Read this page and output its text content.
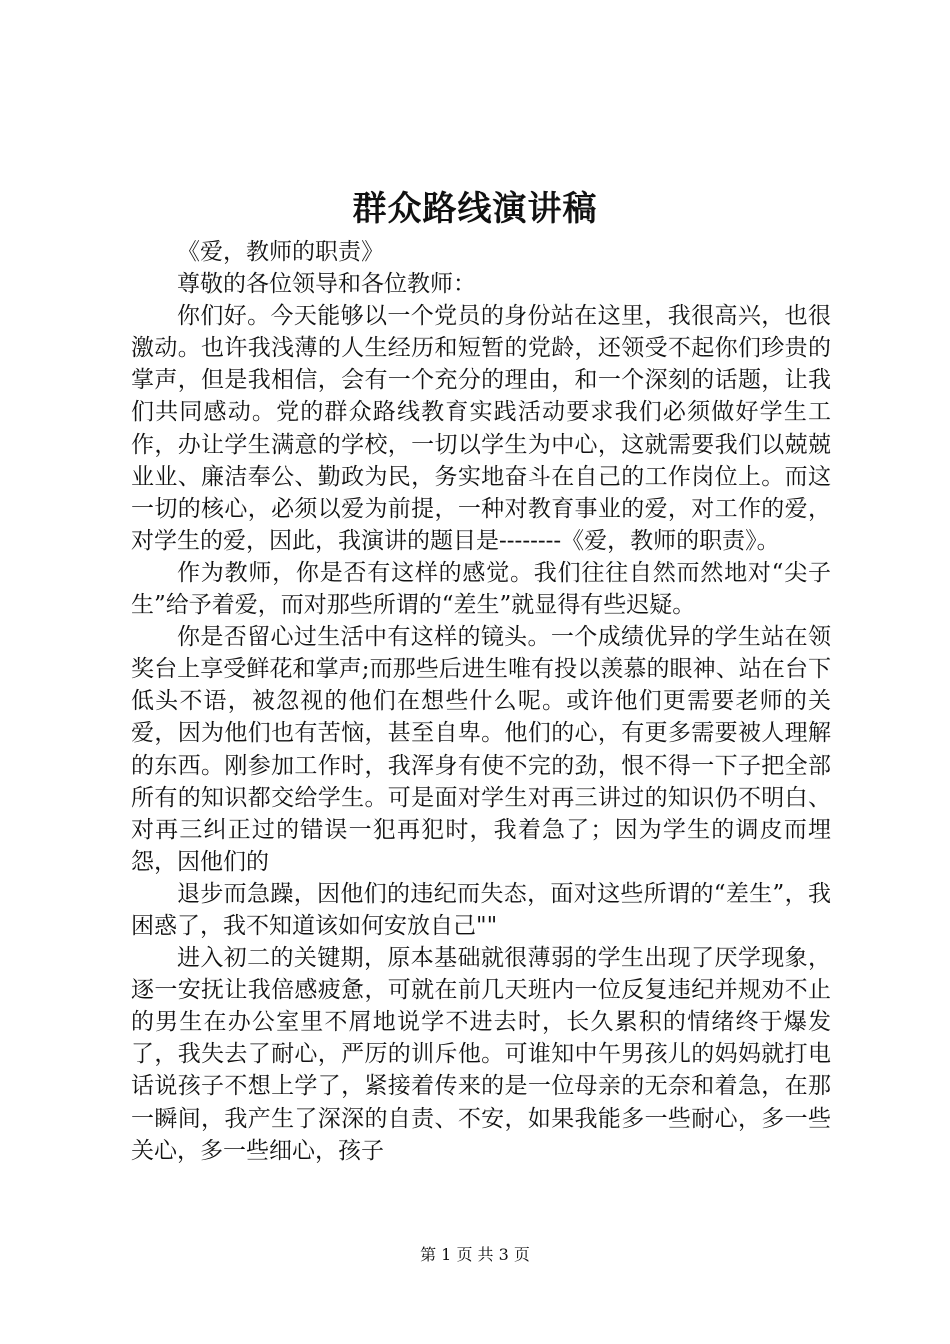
群众路线演讲稿

《爱，教师的职责》

尊敬的各位领导和各位教师：

你们好。今天能够以一个党员的身份站在这里，我很高兴，也很激动。也许我浅薄的人生经历和短暂的党龄，还领受不起你们珍贵的掌声，但是我相信，会有一个充分的理由，和一个深刻的话题，让我们共同感动。党的群众路线教育实践活动要求我们必须做好学生工作，办让学生满意的学校，一切以学生为中心，这就需要我们以兢兢业业、廉洁奉公、勤政为民，务实地奋斗在自己的工作岗位上。而这一切的核心，必须以爱为前提，一种对教育事业的爱，对工作的爱，对学生的爱，因此，我演讲的题目是--------《爱，教师的职责》。

作为教师，你是否有这样的感觉。我们往往自然而然地对“尖子生”给予着爱，而对那些所谓的“差生”就显得有些迟疑。

你是否留心过生活中有这样的镜头。一个成绩优异的学生站在领奖台上享受鲜花和掌声;而那些后进生唯有投以羡慕的眼神、站在台下低头不语，被忽视的他们在想些什么呢。或许他们更需要老师的关爱，因为他们也有苦恼，甚至自卑。他们的心，有更多需要被人理解的东西。刚参加工作时，我浑身有使不完的劲，恨不得一下子把全部所有的知识都交给学生。可是面对学生对再三讲过的知识仍不明白、对再三纠正过的错误一犯再犯时，我着急了；因为学生的调皮而埋怨，因他们的

退步而急躁，因他们的违纪而失态，面对这些所谓的“差生”，我困惑了，我不知道该如何安放自己""

进入初二的关键期，原本基础就很薄弱的学生出现了厌学现象，逐一安抚让我倍感疲惫，可就在前几天班内一位反复违纪并规劝不止的男生在办公室里不屑地说学不进去时，长久累积的情绪终于爆发了，我失去了耐心，严厉的训斥他。可谁知中午男孩儿的妈妈就打电话说孩子不想上学了，紧接着传来的是一位母亲的无奈和着急，在那一瞬间，我产生了深深的自责、不安，如果我能多一些耐心，多一些关心，多一些细心，孩子

第 1 页 共 3 页
